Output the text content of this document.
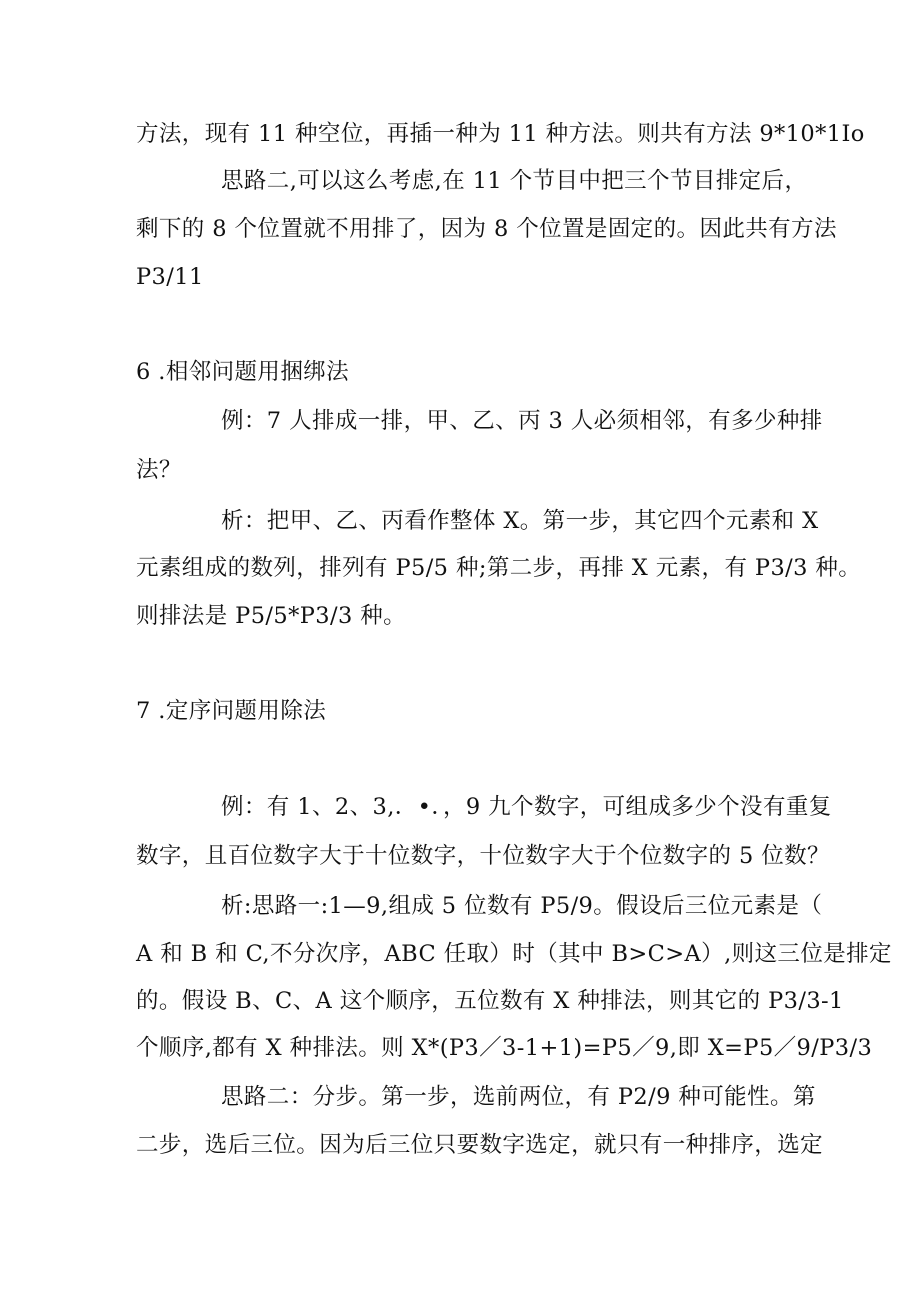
方法，现有 11 种空位，再插一种为 11 种方法。则共有方法 9*10*1Io
思路二,可以这么考虑,在 11 个节目中把三个节目排定后，
剩下的 8 个位置就不用排了，因为 8 个位置是固定的。因此共有方法
P3/11
6 .相邻问题用捆绑法
例：7 人排成一排，甲、乙、丙 3 人必须相邻，有多少种排
法？
析：把甲、乙、丙看作整体 X。第一步，其它四个元素和 X
元素组成的数列，排列有 P5/5 种;第二步，再排 X 元素，有 P3/3 种。
则排法是 P5/5*P3/3 种。
7 .定序问题用除法
例：有 1、2、3,．•．，9 九个数字，可组成多少个没有重复
数字，且百位数字大于十位数字，十位数字大于个位数字的 5 位数？
析:思路一:1—9,组成 5 位数有 P5/9。假设后三位元素是（
A 和 B 和 C,不分次序，ABC 任取）时（其中 B>C>A）,则这三位是排定
的。假设 B、C、A 这个顺序，五位数有 X 种排法，则其它的 P3/3-1
个顺序,都有 X 种排法。则 X*(P3／3-1+1)=P5／9,即 X=P5／9/P3/3
思路二：分步。第一步，选前两位，有 P2/9 种可能性。第
二步，选后三位。因为后三位只要数字选定，就只有一种排序，选定
